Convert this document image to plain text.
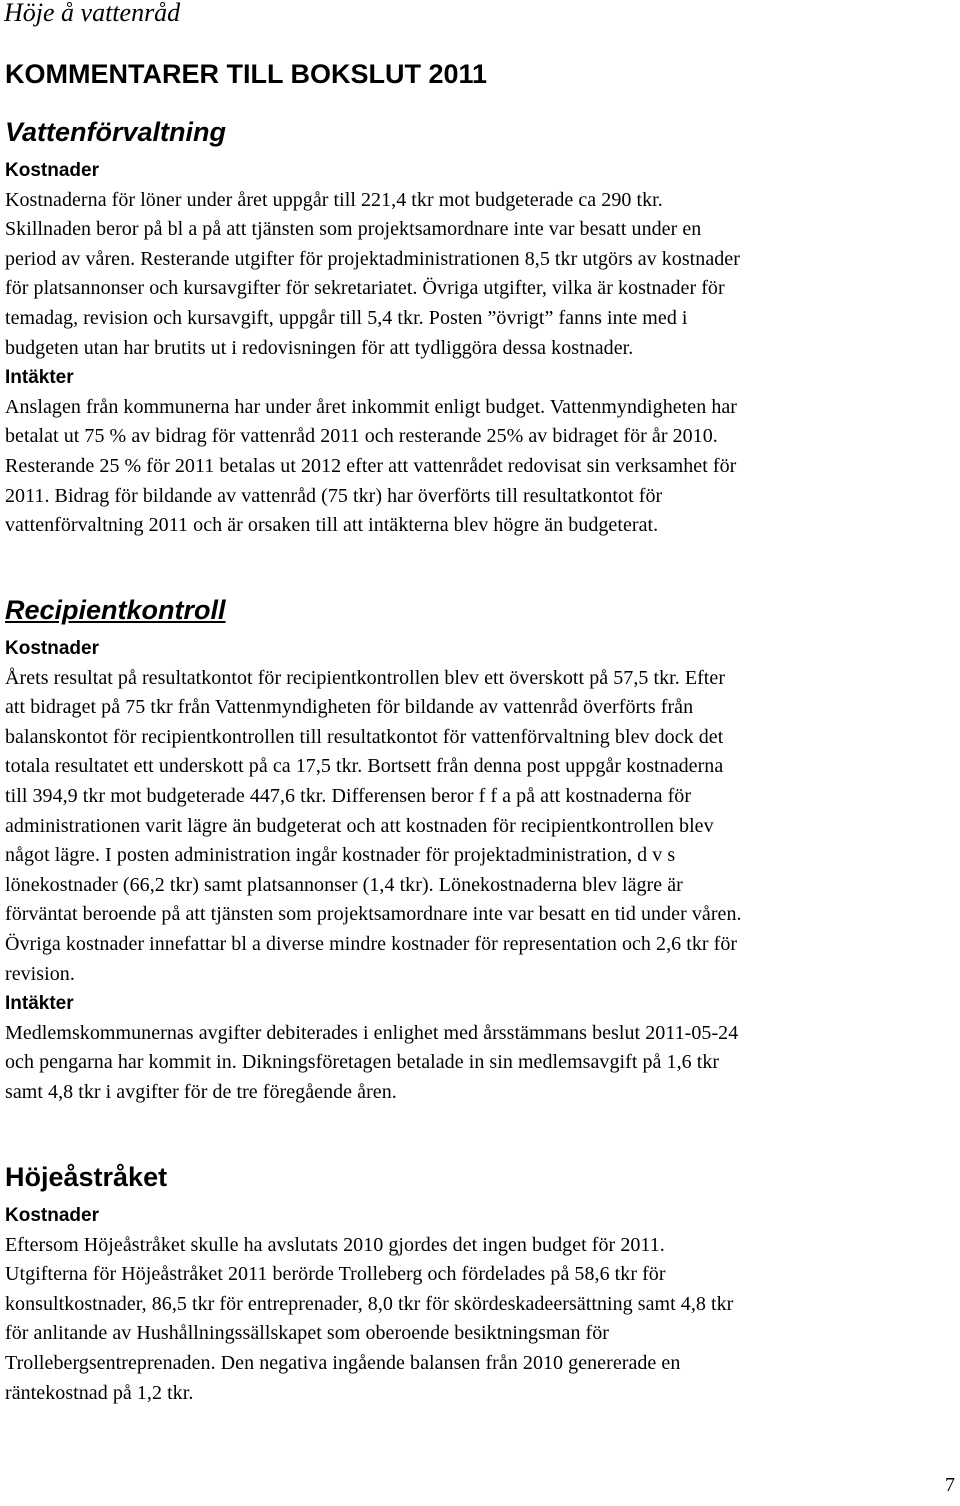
Höje å vattenråd
KOMMENTARER TILL BOKSLUT 2011
Vattenförvaltning
Kostnader
Kostnaderna för löner under året uppgår till 221,4 tkr mot budgeterade ca 290 tkr.
Skillnaden beror på bl a på att tjänsten som projektsamordnare inte var besatt under en
period av våren. Resterande utgifter för projektadministrationen 8,5 tkr utgörs av kostnader
för platsannonser och kursavgifter för sekretariatet. Övriga utgifter, vilka är kostnader för
temadag, revision och kursavgift, uppgår till 5,4 tkr. Posten ”övrigt” fanns inte med i
budgeten utan har brutits ut i redovisningen för att tydliggöra dessa kostnader.
Intäkter
Anslagen från kommunerna har under året inkommit enligt budget. Vattenmyndigheten har
betalat ut 75 % av bidrag för vattenråd 2011 och resterande 25% av bidraget för år 2010.
Resterande 25 % för 2011 betalas ut 2012 efter att vattenrådet redovisat sin verksamhet för
2011. Bidrag för bildande av vattenråd (75 tkr) har överförts till resultatkontot för
vattenförvaltning 2011 och är orsaken till att intäkterna blev högre än budgeterat.
Recipientkontroll
Kostnader
Årets resultat på resultatkontot för recipientkontrollen blev ett överskott på 57,5 tkr. Efter
att bidraget på 75 tkr från Vattenmyndigheten för bildande av vattenråd överförts från
balanskontot för recipientkontrollen till resultatkontot för vattenförvaltning blev dock det
totala resultatet ett underskott på ca 17,5 tkr. Bortsett från denna post uppgår kostnaderna
till 394,9 tkr mot budgeterade 447,6 tkr. Differensen beror f f a på att kostnaderna för
administrationen varit lägre än budgeterat och att kostnaden för recipientkontrollen blev
något lägre. I posten administration ingår kostnader för projektadministration, d v s
lönekostnader (66,2 tkr) samt platsannonser (1,4 tkr). Lönekostnaderna blev lägre är
förväntat beroende på att tjänsten som projektsamordnare inte var besatt en tid under våren.
Övriga kostnader innefattar bl a diverse mindre kostnader för representation och 2,6 tkr för
revision.
Intäkter
Medlemskommunernas avgifter debiterades i enlighet med årsstämmans beslut 2011-05-24
och pengarna har kommit in. Dikningsföretagen betalade in sin medlemsavgift på 1,6 tkr
samt 4,8 tkr i avgifter för de tre föregående åren.
Höjeåstråket
Kostnader
Eftersom Höjeåstråket skulle ha avslutats 2010 gjordes det ingen budget för 2011.
Utgifterna för Höjeåstråket 2011 berörde Trolleberg och fördelades på 58,6 tkr för
konsultkostnader, 86,5 tkr för entreprenader, 8,0 tkr för skördeskadeersättning samt 4,8 tkr
för anlitande av Hushållningssällskapet som oberoende besiktningsman för
Trollebergsentreprenaden. Den negativa ingående balansen från 2010 genererade en
räntekostnad på 1,2 tkr.
7
